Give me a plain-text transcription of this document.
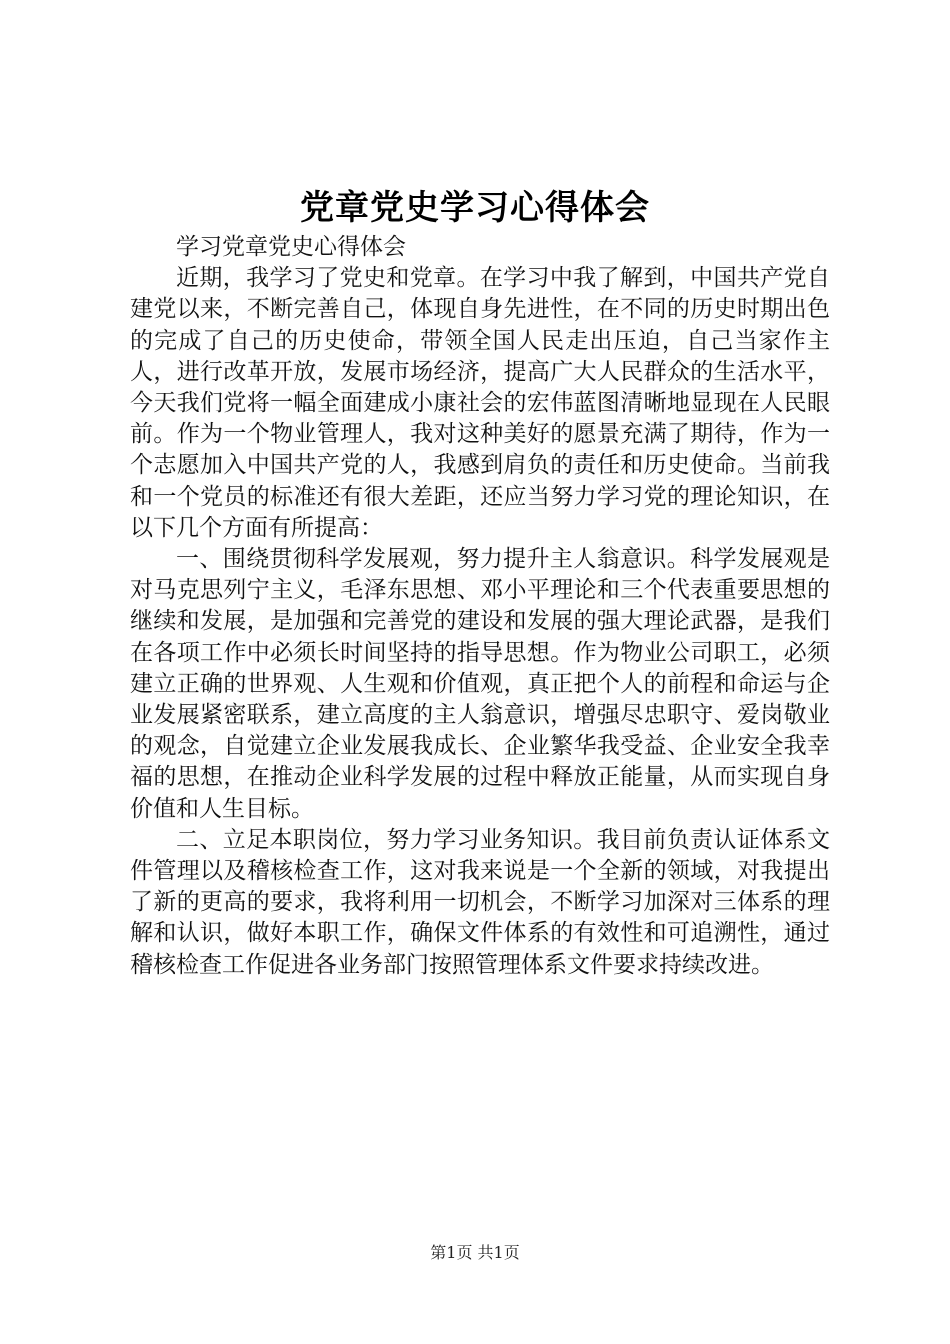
党章党史学习心得体会

学习党章党史心得体会

近期，我学习了党史和党章。在学习中我了解到，中国共产党自建党以来，不断完善自己，体现自身先进性，在不同的历史时期出色的完成了自己的历史使命，带领全国人民走出压迫，自己当家作主人，进行改革开放，发展市场经济，提高广大人民群众的生活水平，今天我们党将一幅全面建成小康社会的宏伟蓝图清晰地显现在人民眼前。作为一个物业管理人，我对这种美好的愿景充满了期待，作为一个志愿加入中国共产党的人，我感到肩负的责任和历史使命。当前我和一个党员的标准还有很大差距，还应当努力学习党的理论知识，在以下几个方面有所提高：

一、围绕贯彻科学发展观，努力提升主人翁意识。科学发展观是对马克思列宁主义，毛泽东思想、邓小平理论和三个代表重要思想的继续和发展，是加强和完善党的建设和发展的强大理论武器，是我们在各项工作中必须长时间坚持的指导思想。作为物业公司职工，必须建立正确的世界观、人生观和价值观，真正把个人的前程和命运与企业发展紧密联系，建立高度的主人翁意识，增强尽忠职守、爱岗敬业的观念，自觉建立企业发展我成长、企业繁华我受益、企业安全我幸福的思想，在推动企业科学发展的过程中释放正能量，从而实现自身价值和人生目标。

二、立足本职岗位，努力学习业务知识。我目前负责认证体系文件管理以及稽核检查工作，这对我来说是一个全新的领域，对我提出了新的更高的要求，我将利用一切机会，不断学习加深对三体系的理解和认识，做好本职工作，确保文件体系的有效性和可追溯性，通过稽核检查工作促进各业务部门按照管理体系文件要求持续改进。

第1页 共1页
